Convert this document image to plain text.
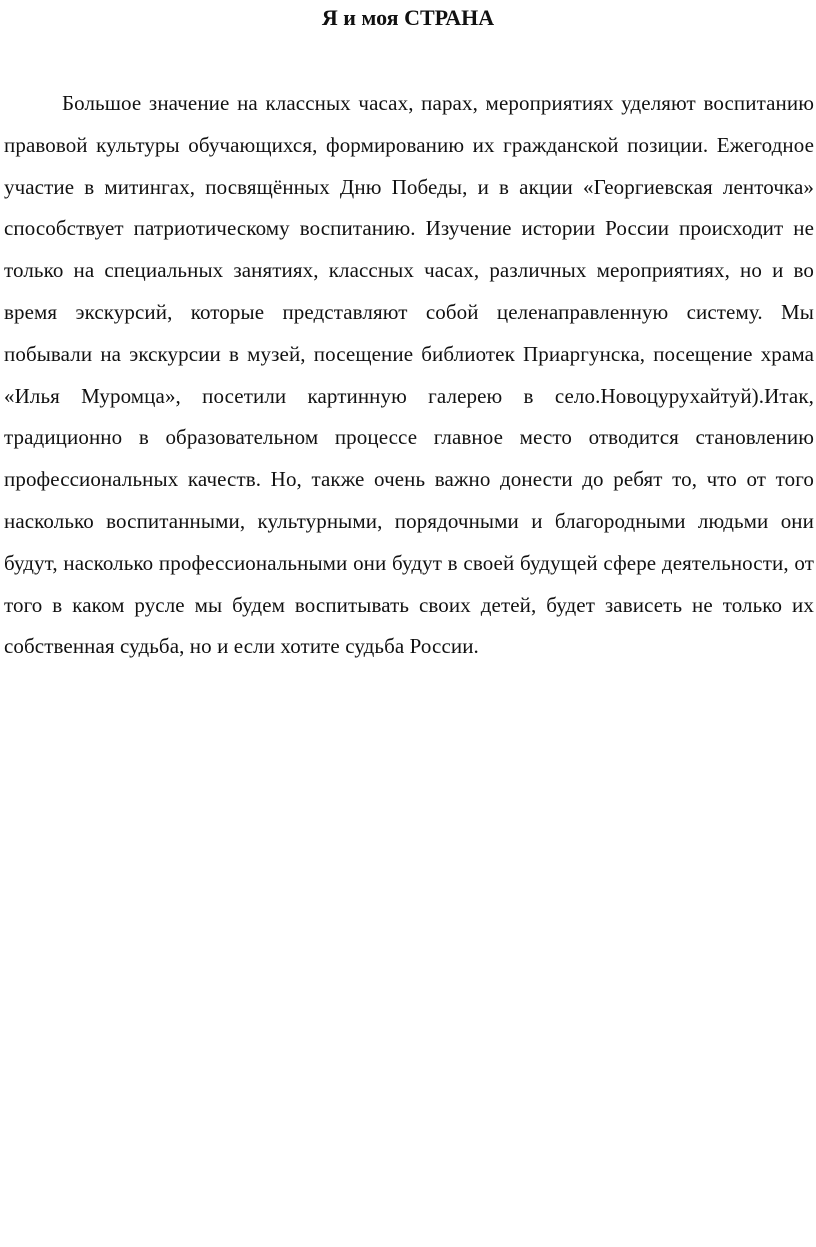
Я и моя СТРАНА

Большое значение на классных часах, парах, мероприятиях уделяют воспитанию правовой культуры обучающихся, формированию их гражданской позиции. Ежегодное участие в митингах, посвящённых Дню Победы, и в акции «Георгиевская ленточка» способствует патриотическому воспитанию. Изучение истории России происходит не только на специальных занятиях, классных часах, различных мероприятиях, но и во время экскурсий, которые представляют собой целенаправленную систему. Мы побывали на экскурсии в музей, посещение библиотек Приаргунска, посещение храма «Илья Муромца», посетили картинную галерею в село.Новоцурухайтуй).Итак, традиционно в образовательном процессе главное место отводится становлению профессиональных качеств. Но, также очень важно донести до ребят то, что от того насколько воспитанными, культурными, порядочными и благородными людьми они будут, насколько профессиональными они будут в своей будущей сфере деятельности, от того в каком русле мы будем воспитывать своих детей, будет зависеть не только их собственная судьба, но и если хотите судьба России.
